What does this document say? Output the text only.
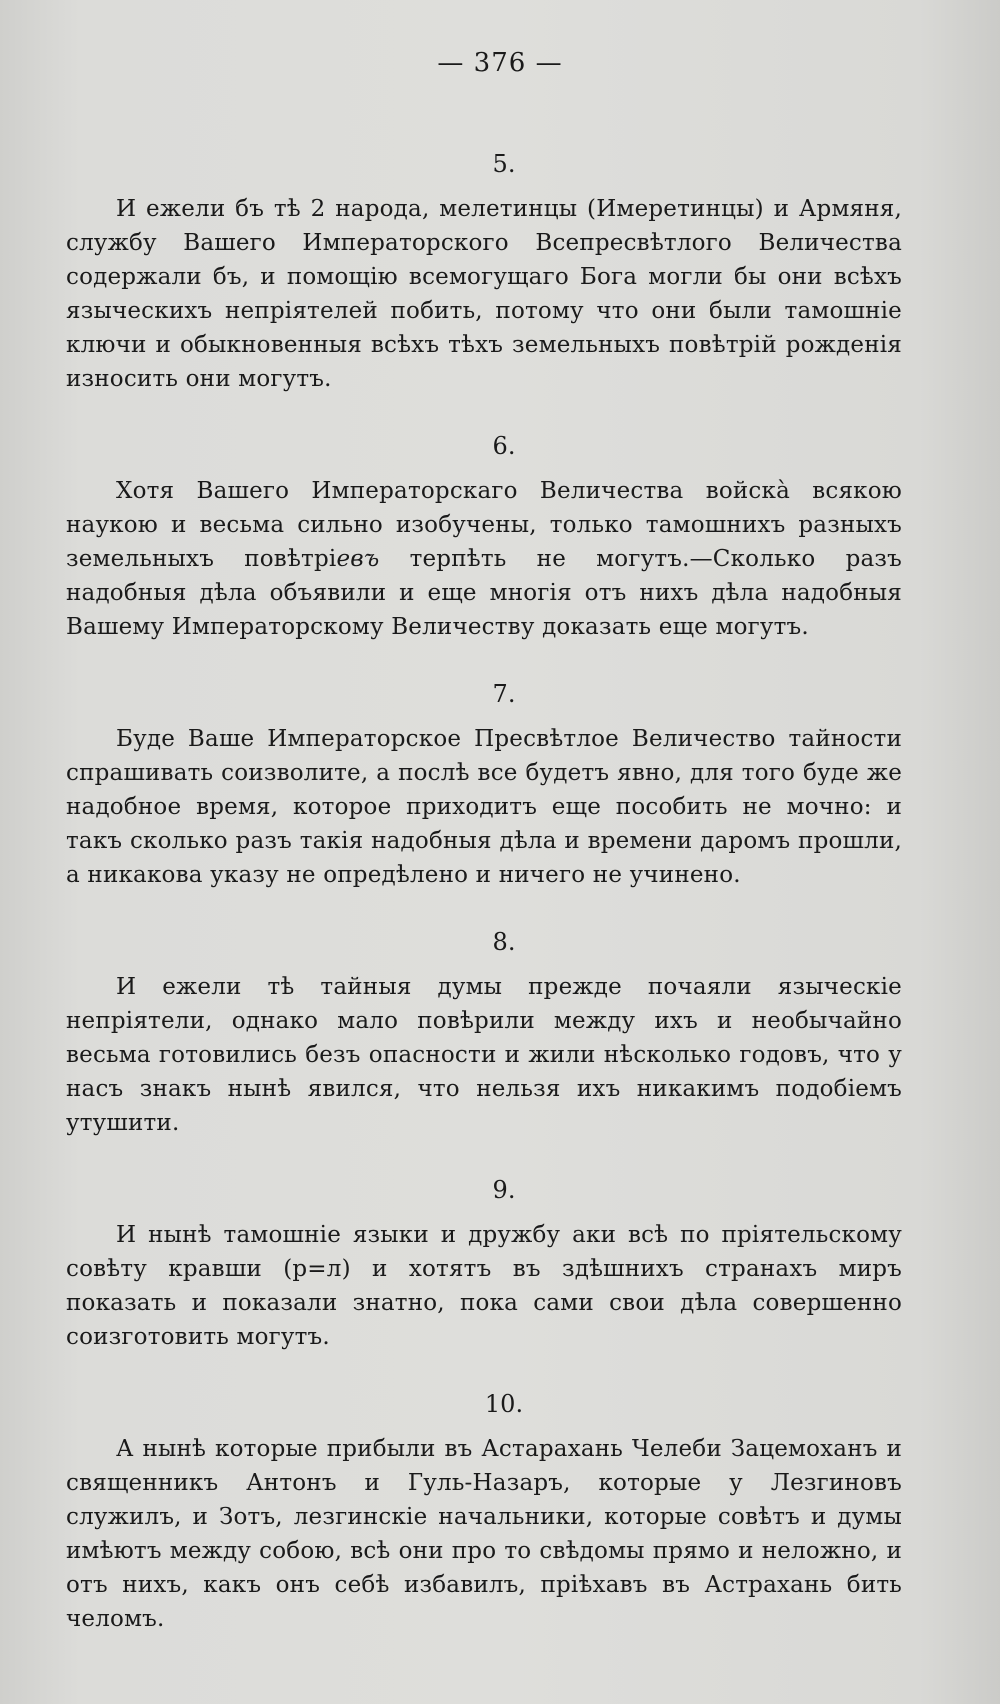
— 376 —
5.

И ежели бъ тѣ 2 народа, мелетинцы (Имеретинцы) и Армяня, службу Вашего Императорского Всепресвѣтлого Величества содержали бъ, и помощію всемогущаго Бога могли бы они всѣхъ языческихъ непріятелей побить, потому что они были тамошніе ключи и обыкновенныя всѣхъ тѣхъ земельныхъ повѣтрій рожденія износить они могутъ.

6.

Хотя Вашего Императорскаго Величества войскà всякою наукою и весьма сильно изобучены, только тамошнихъ разныхъ земельныхъ повѣтріевъ терпѣть не могутъ.—Сколько разъ надобныя дѣла объявили и еще многія отъ нихъ дѣла надобныя Вашему Императорскому Величеству доказать еще могутъ.

7.

Буде Ваше Императорское Пресвѣтлое Величество тайности спрашивать соизволите, а послѣ все будетъ явно, для того буде же надобное время, которое приходитъ еще пособить не мочно: и такъ сколько разъ такія надобныя дѣла и времени даромъ прошли, а никакова указу не опредѣлено и ничего не учинено.

8.

И ежели тѣ тайныя думы прежде почаяли языческіе непріятели, однако мало повѣрили между ихъ и необычайно весьма готовились безъ опасности и жили нѣсколько годовъ, что у насъ знакъ нынѣ явился, что нельзя ихъ никакимъ подобіемъ утушити.

9.

И нынѣ тамошніе языки и дружбу аки всѣ по пріятельскому совѣту кравши (р=л) и хотятъ въ здѣшнихъ странахъ миръ показать и показали знатно, пока сами свои дѣла совершенно соизготовить могутъ.

10.

А нынѣ которые прибыли въ Астарахань Челеби Зацемоханъ и священникъ Антонъ и Гуль-Назаръ, которые у Лезгиновъ служилъ, и Зотъ, лезгинскіе начальники, которые совѣтъ и думы имѣютъ между собою, всѣ они про то свѣдомы прямо и неложно, и отъ нихъ, какъ онъ себѣ избавилъ, пріѣхавъ въ Астрахань бить челомъ.
